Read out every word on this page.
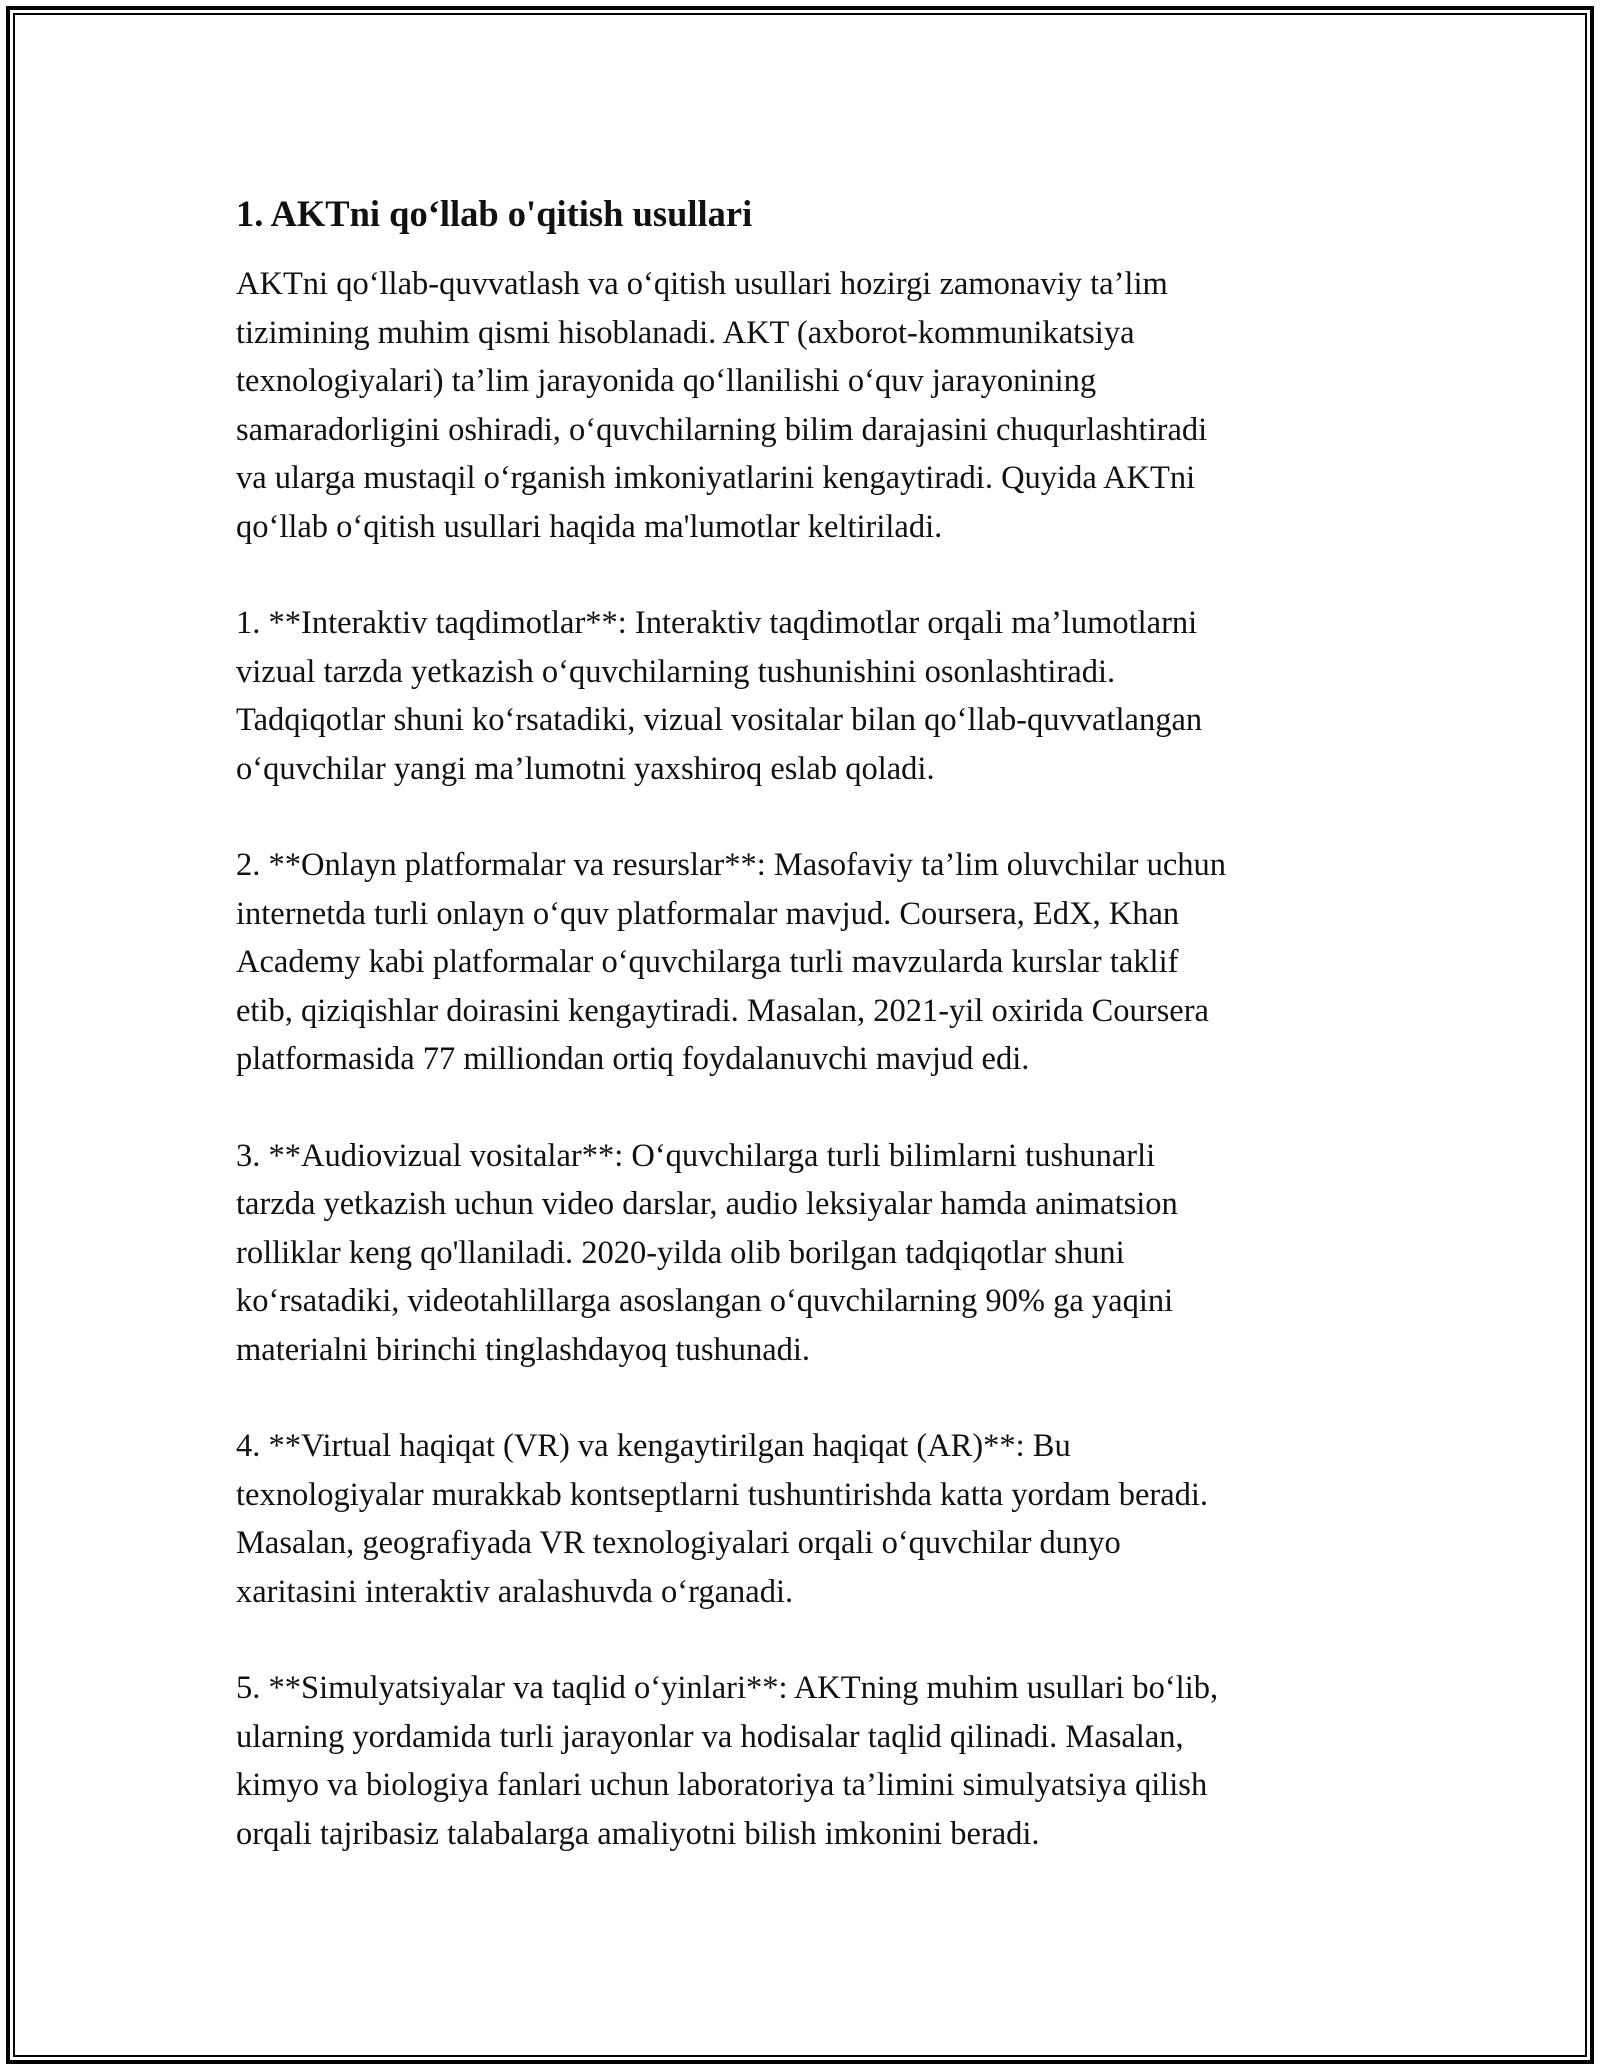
1. AKTni qo‘llab o'qitish usullari

AKTni qo‘llab-quvvatlash va o‘qitish usullari hozirgi zamonaviy ta’lim
tizimining muhim qismi hisoblanadi. AKT (axborot-kommunikatsiya
texnologiyalari) ta’lim jarayonida qo‘llanilishi o‘quv jarayonining
samaradorligini oshiradi, o‘quvchilarning bilim darajasini chuqurlashtiradi
va ularga mustaqil o‘rganish imkoniyatlarini kengaytiradi. Quyida AKTni
qo‘llab o‘qitish usullari haqida ma'lumotlar keltiriladi.

1. **Interaktiv taqdimotlar**: Interaktiv taqdimotlar orqali ma’lumotlarni
vizual tarzda yetkazish o‘quvchilarning tushunishini osonlashtiradi.
Tadqiqotlar shuni ko‘rsatadiki, vizual vositalar bilan qo‘llab-quvvatlangan
o‘quvchilar yangi ma’lumotni yaxshiroq eslab qoladi.

2. **Onlayn platformalar va resurslar**: Masofaviy ta’lim oluvchilar uchun
internetda turli onlayn o‘quv platformalar mavjud. Coursera, EdX, Khan
Academy kabi platformalar o‘quvchilarga turli mavzularda kurslar taklif
etib, qiziqishlar doirasini kengaytiradi. Masalan, 2021-yil oxirida Coursera
platformasida 77 milliondan ortiq foydalanuvchi mavjud edi.

3. **Audiovizual vositalar**: O‘quvchilarga turli bilimlarni tushunarli
tarzda yetkazish uchun video darslar, audio leksiyalar hamda animatsion
rolliklar keng qo'llaniladi. 2020-yilda olib borilgan tadqiqotlar shuni
ko‘rsatadiki, videotahlillarga asoslangan o‘quvchilarning 90% ga yaqini
materialni birinchi tinglashdayoq tushunadi.

4. **Virtual haqiqat (VR) va kengaytirilgan haqiqat (AR)**: Bu
texnologiyalar murakkab kontseptlarni tushuntirishda katta yordam beradi.
Masalan, geografiyada VR texnologiyalari orqali o‘quvchilar dunyo
xaritasini interaktiv aralashuvda o‘rganadi.

5. **Simulyatsiyalar va taqlid o‘yinlari**: AKTning muhim usullari bo‘lib,
ularning yordamida turli jarayonlar va hodisalar taqlid qilinadi. Masalan,
kimyo va biologiya fanlari uchun laboratoriya ta’limini simulyatsiya qilish
orqali tajribasiz talabalarga amaliyotni bilish imkonini beradi.
